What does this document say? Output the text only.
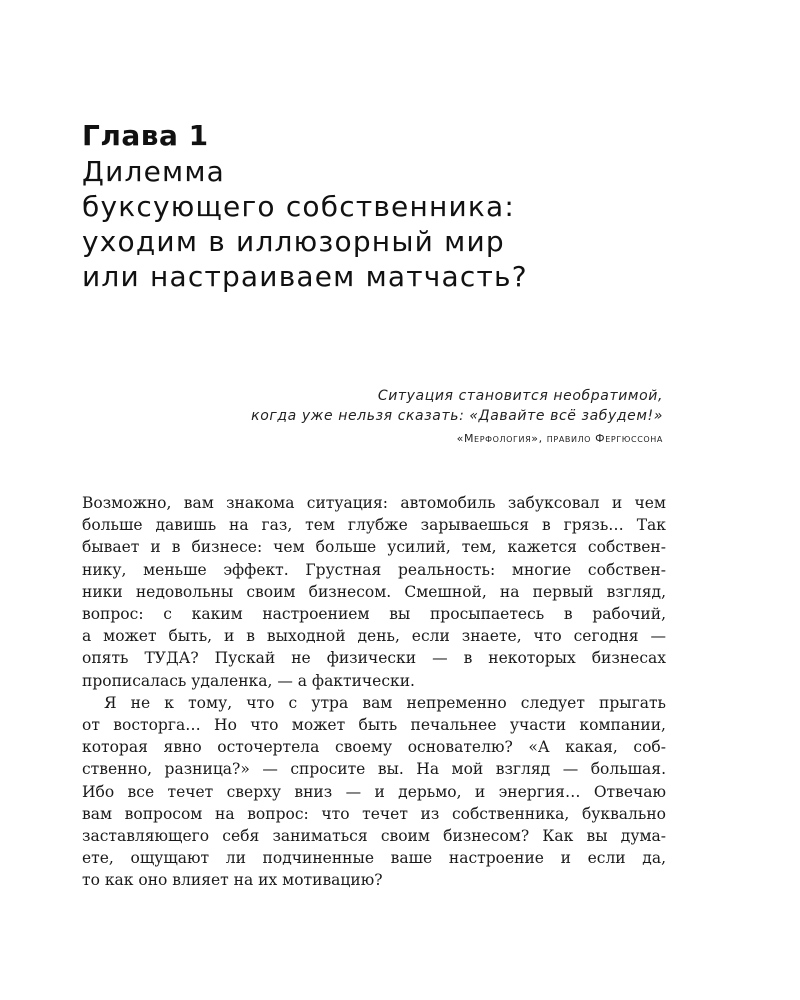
Глава 1
Дилемма
буксующего собственника:
уходим в иллюзорный мир
или настраиваем матчасть?
Ситуация становится необратимой,
когда уже нельзя сказать: «Давайте всё забудем!»
«Мерфология», правило Фергюссона
Возможно, вам знакома ситуация: автомобиль забуксовал и чем
больше давишь на газ, тем глубже зарываешься в грязь… Так
бывает и в бизнесе: чем больше усилий, тем, кажется собствен-
нику, меньше эффект. Грустная реальность: многие собствен-
ники недовольны своим бизнесом. Смешной, на первый взгляд,
вопрос: с каким настроением вы просыпаетесь в рабочий,
а может быть, и в выходной день, если знаете, что сегодня —
опять ТУДА? Пускай не физически — в некоторых бизнесах
прописалась удаленка, — а фактически.
Я не к тому, что с утра вам непременно следует прыгать
от восторга… Но что может быть печальнее участи компании,
которая явно осточертела своему основателю? «А какая, соб-
ственно, разница?» — спросите вы. На мой взгляд — большая.
Ибо все течет сверху вниз — и дерьмо, и энергия… Отвечаю
вам вопросом на вопрос: что течет из собственника, буквально
заставляющего себя заниматься своим бизнесом? Как вы дума-
ете, ощущают ли подчиненные ваше настроение и если да,
то как оно влияет на их мотивацию?
